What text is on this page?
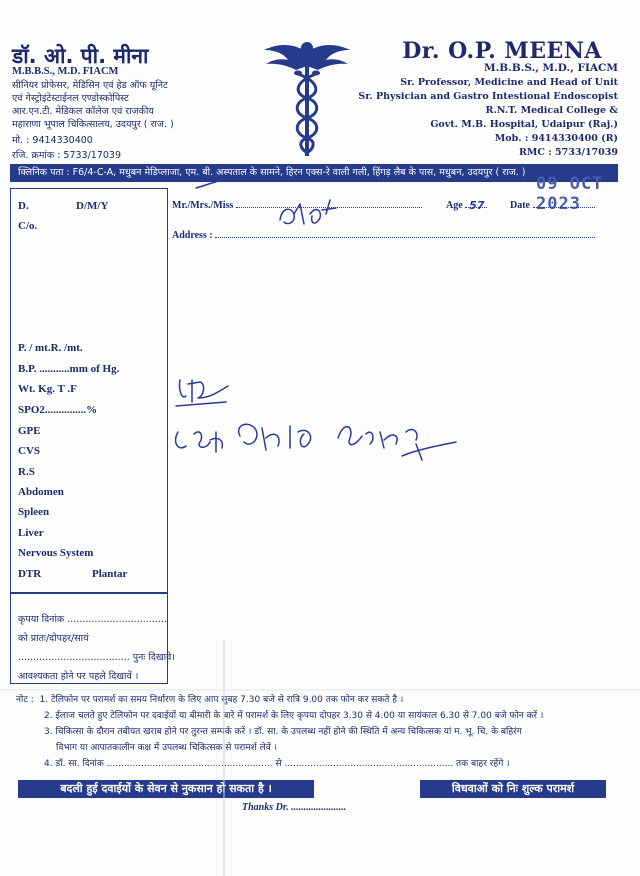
डॉ. ओ. पी. मीना
M.B.B.S., M.D. FIACM
सीनियर प्रोफेसर, मेडिसिन एवं हेड ऑफ यूनिट
एवं गेस्ट्रोइंटेस्टाईनल एण्डोस्कोपिस्ट
आर.एन.टी. मेडिकल कॉलेज एवं राजकीय
महाराणा भूपाल चिकित्सालय, उदयपुर ( राज. )
मो. : 9414330400
रजि. क्रमांक : 5733/17039
Dr. O.P. MEENA
M.B.B.S., M.D., FIACM
Sr. Professor, Medicine and Head of Unit
Sr. Physician and Gastro Intestional Endoscopist
R.N.T. Medical College &
Govt. M.B. Hospital, Udaipur (Raj.)
Mob. : 9414330400 (R)
RMC : 5733/17039
क्लिनिक पता : F6/4-C-A, मधुबन मेडिप्लाजा, एम. बी. अस्पताल के सामने, हिरन एक्स-रे वाली गली, हिंगड़ लैब के पास, मधुबन, उदयपुर ( राज. )
09 OCT 2023
Mr./Mrs./Miss	Age 57	Date
Address :
D.	D/M/Y
C/o.
P. / mt.R. /mt.
B.P. ...........mm of Hg.
Wt. Kg. T .F
SPO2...............%
GPE
CVS
R.S
Abdomen
Spleen
Liver
Nervous System
DTR	Plantar
कृपया दिनांक .................................
को प्रातः/दोपहर/सायं
..................................... पुनः दिखावे।
आवश्यकता होने पर पहले दिखावें ।
नोट : 1. टेलिफोन पर परामर्श का समय निर्धारण के लिए आप सुबह 7.30 बजे से रात्रि 9.00 तक फोन कर सकते है ।
2. ईलाज चलते हुए टेलिफोन पर दवाईयों या बीमारी के बारे में परामर्श के लिए कृपया दोपहर 3.30 से 4.00 या सायंकाल 6.30 से 7.00 बजे फोन करें ।
3. चिकित्सा के दौरान तबीयत खराब होने पर तुरन्त सम्पर्क करें । डॉ. सा. के उपलब्ध नहीं होने की स्थिति में अन्य चिकित्सक यां म. भू. चि. के बहिरंग
विभाग या आपातकालीन कक्ष में उपलब्ध चिकित्सक से परामर्श लेवें ।
4. डॉ. सा. दिनांक .......................................................... से ........................................................... तक बाहर रहेंगे ।
बदली हुई दवाईयों के सेवन से नुकसान हो सकता है ।	विधवाओं को निः शुल्क परामर्श
Thanks Dr. ......................
